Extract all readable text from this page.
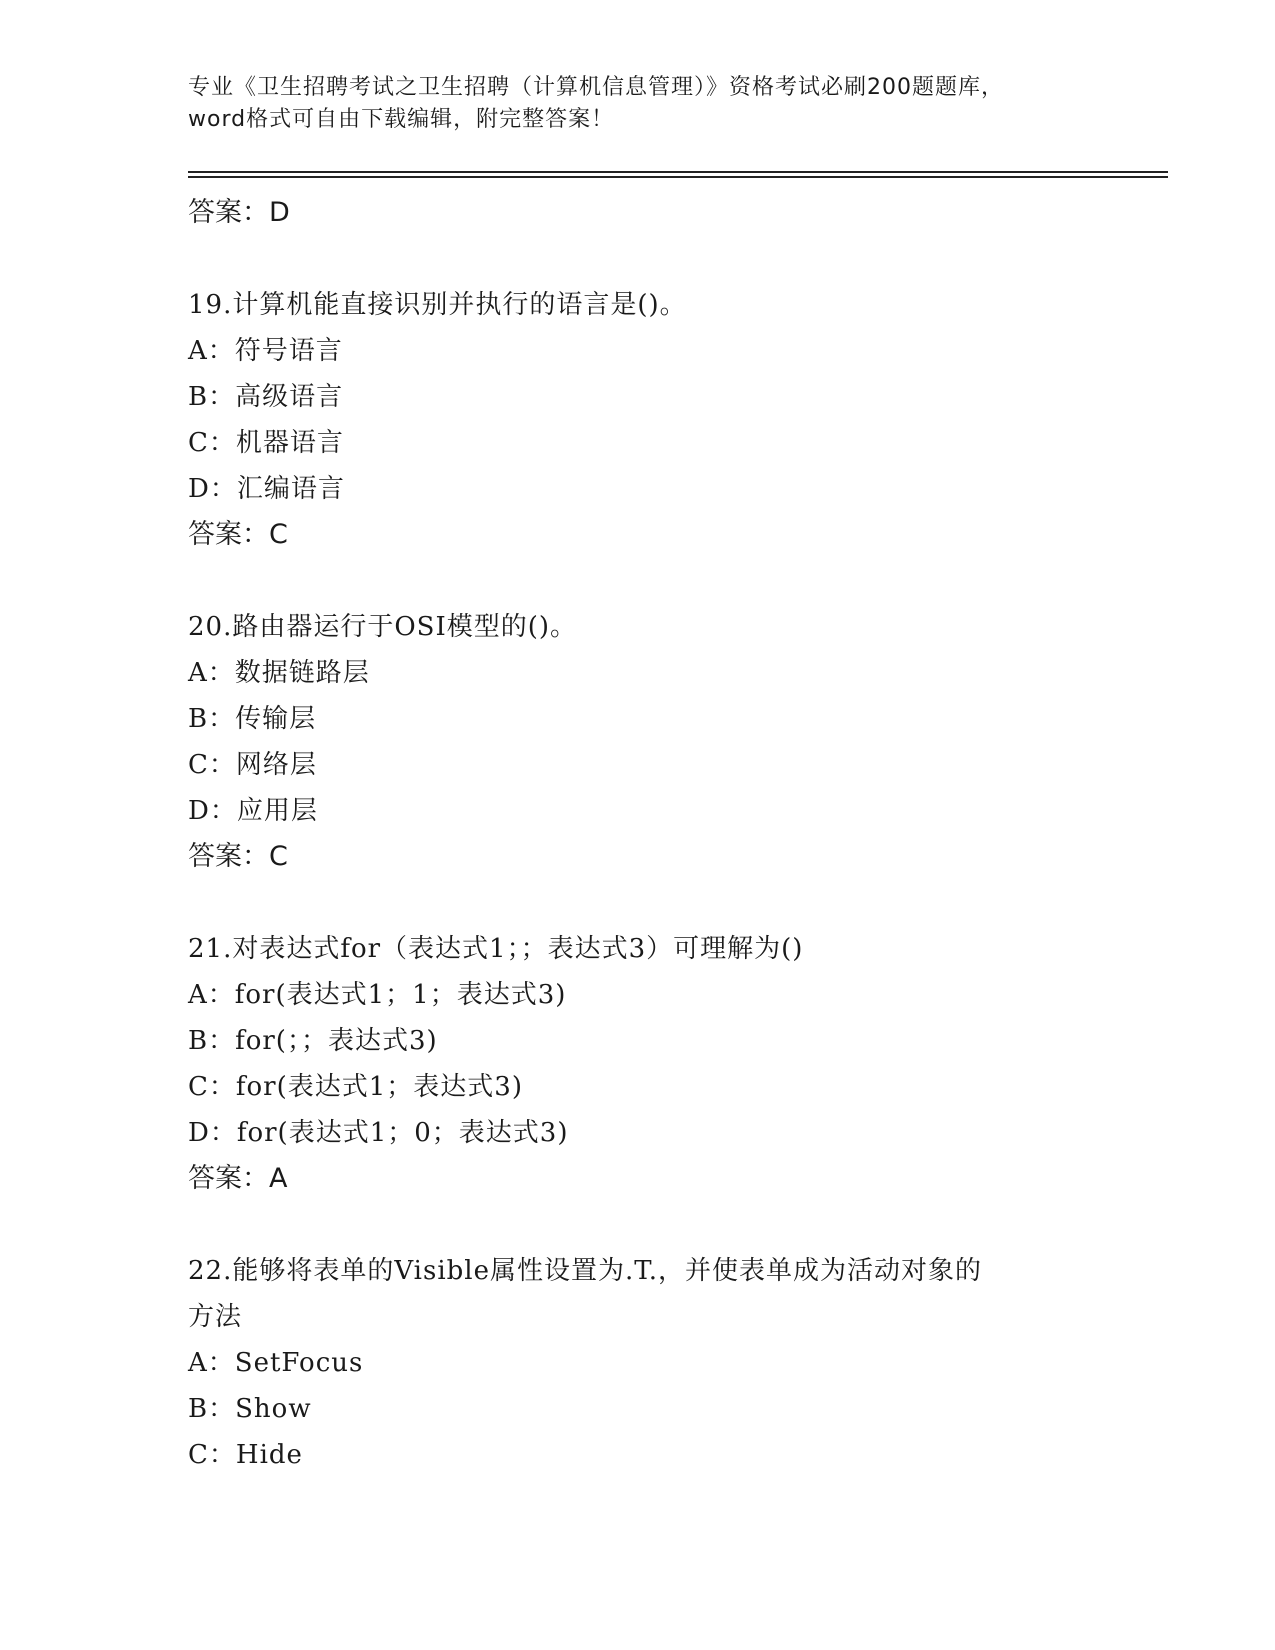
专业《卫生招聘考试之卫生招聘（计算机信息管理）》资格考试必刷200题题库，
word格式可自由下载编辑，附完整答案！
答案：D
19.计算机能直接识别并执行的语言是()。
A：符号语言
B：高级语言
C：机器语言
D：汇编语言
答案：C
20.路由器运行于OSI模型的()。
A：数据链路层
B：传输层
C：网络层
D：应用层
答案：C
21.对表达式for（表达式1；；表达式3）可理解为()
A：for(表达式1；1；表达式3)
B：for(；；表达式3)
C：for(表达式1；表达式3)
D：for(表达式1；0；表达式3)
答案：A
22.能够将表单的Visible属性设置为.T.，并使表单成为活动对象的
方法
A：SetFocus
B：Show
C：Hide
